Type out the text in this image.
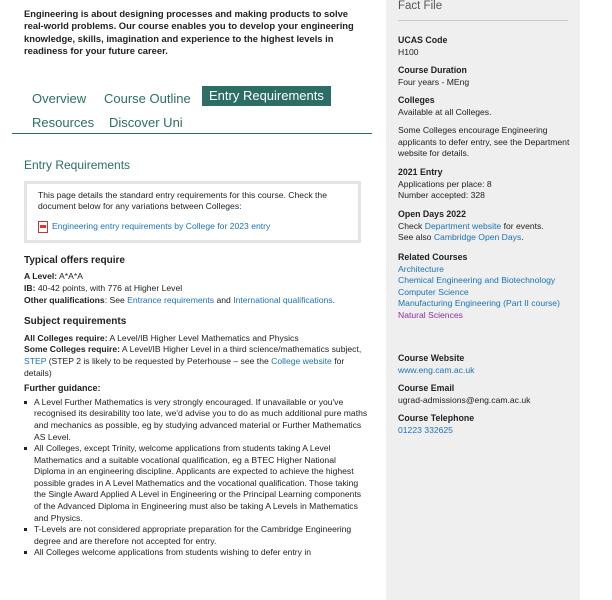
Engineering is about designing processes and making products to solve real-world problems. Our course enables you to develop your engineering knowledge, skills, imagination and experience to the highest levels in readiness for your future career.
Overview Course Outline	Entry Requirements
Resources Discover Uni
Entry Requirements

This page details the standard entry requirements for this course. Check the document below for any variations between Colleges:

Engineering entry requirements by College for 2023 entry
Typical offers require

A Level: A*A*A

IB: 40-42 points, with 776 at Higher Level

Other qualifications: See Entrance requirements and International qualifications.

Subject requirements

All Colleges require: A Level/IB Higher Level Mathematics and Physics

Some Colleges require: A Level/IB Higher Level in a third science/mathematics subject, STEP (STEP 2 is likely to be requested by Peterhouse – see the College website for details)

Further guidance:
A Level Further Mathematics is very strongly encouraged. If unavailable or you've recognised its desirability too late, we'd advise you to do as much additional pure maths and mechanics as possible, eg by studying advanced material or Further Mathematics AS Level.
All Colleges, except Trinity, welcome applications from students taking A Level Mathematics and a suitable vocational qualification, eg a BTEC Higher National Diploma in an engineering discipline. Applicants are expected to achieve the highest possible grades in A Level Mathematics and the vocational qualification. Those taking the Single Award Applied A Level in Engineering or the Principal Learning components of the Advanced Diploma in Engineering must also be taking A Levels in Mathematics and Physics.
T-Levels are not considered appropriate preparation for the Cambridge Engineering degree and are therefore not accepted for entry.
All Colleges welcome applications from students wishing to defer entry in
Fact File
UCAS Code
H100
Course Duration
Four years - MEng
Colleges
Available at all Colleges.
Some Colleges encourage Engineering applicants to defer entry, see the Department website for details.
2021 Entry
Applications per place: 8
Number accepted: 328
Open Days 2022
Check Department website for events.
See also Cambridge Open Days.
Related Courses
Architecture
Chemical Engineering and Biotechnology
Computer Science
Manufacturing Engineering (Part II course)
Natural Sciences
Course Website
www.eng.cam.ac.uk
Course Email
ugrad-admissions@eng.cam.ac.uk
Course Telephone
01223 332625
